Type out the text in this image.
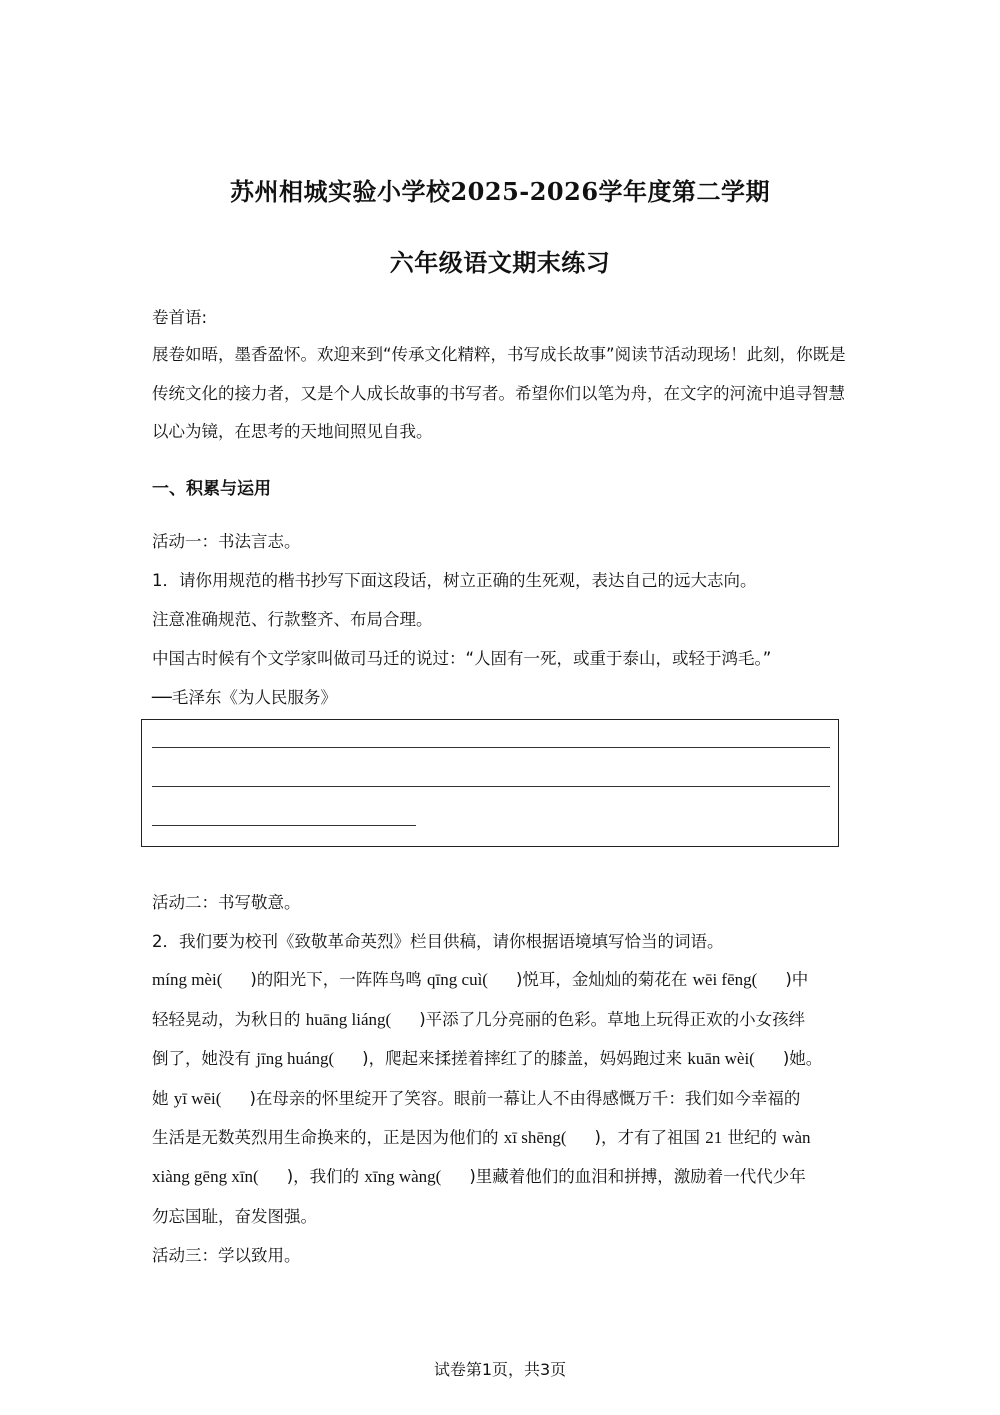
苏州相城实验小学校2025-2026学年度第二学期
六年级语文期末练习
卷首语:
展卷如晤，墨香盈怀。欢迎来到“传承文化精粹，书写成长故事”阅读节活动现场！此刻，你既是传统文化的接力者，又是个人成长故事的书写者。希望你们以笔为舟，在文字的河流中追寻智慧以心为镜，在思考的天地间照见自我。
一、积累与运用
活动一：书法言志。
1．请你用规范的楷书抄写下面这段话，树立正确的生死观，表达自己的远大志向。
注意准确规范、行款整齐、布局合理。
中国古时候有个文学家叫做司马迁的说过：“人固有一死，或重于泰山，或轻于鸿毛。”
──毛泽东《为人民服务》
活动二：书写敬意。
2．我们要为校刊《致敬革命英烈》栏目供稿，请你根据语境填写恰当的词语。
míng mèi( )的阳光下，一阵阵鸟鸣 qīng cuì( )悦耳，金灿灿的菊花在 wēi fēng( )中
轻轻晃动，为秋日的 huāng liáng( )平添了几分亮丽的色彩。草地上玩得正欢的小女孩绊
倒了，她没有 jīng huáng( )，爬起来揉搓着摔红了的膝盖，妈妈跑过来 kuān wèi( )她。
她 yī wēi( )在母亲的怀里绽开了笑容。眼前一幕让人不由得感慨万千：我们如今幸福的
生活是无数英烈用生命换来的，正是因为他们的 xī shēng( )，才有了祖国 21 世纪的 wàn
xiàng gēng xīn( )，我们的 xīng wàng( )里藏着他们的血泪和拼搏，激励着一代代少年
勿忘国耻，奋发图强。
活动三：学以致用。
试卷第1页，共3页
